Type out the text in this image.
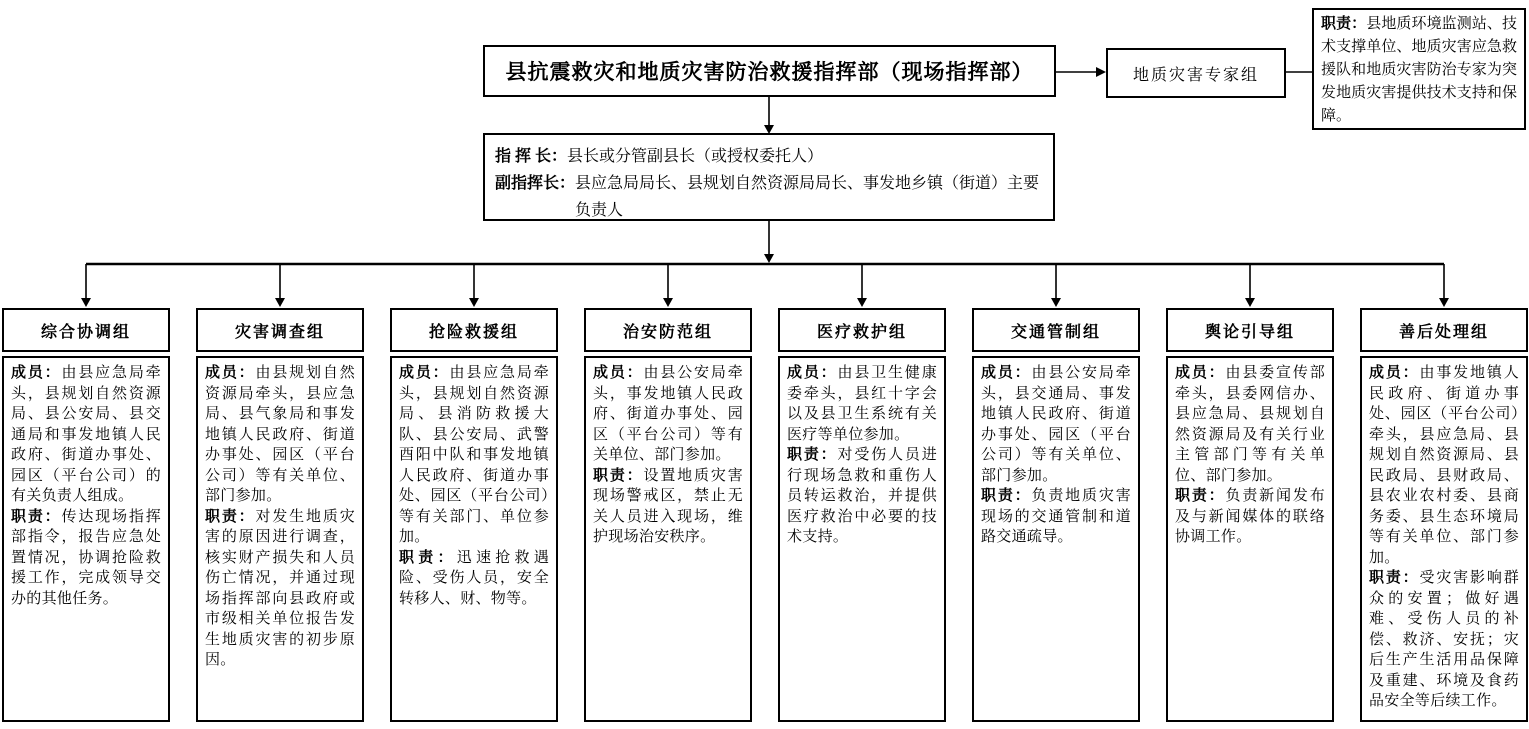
县抗震救灾和地质灾害防治救援指挥部（现场指挥部）	地质灾害专家组
职责：县地质环境监测站、技术支撑单位、地质灾害应急救援队和地质灾害防治专家为突发地质灾害提供技术支持和保障。
指 挥 长： 县长或分管副县长（或授权委托人）
副指挥长： 县应急局局长、县规划自然资源局局长、事发地乡镇（街道）主要负责人
综合协调组

成员：由县应急局牵头，县规划自然资源局、县公安局、县交通局和事发地镇人民政府、街道办事处、园区（平台公司）的有关负责人组成。

职责：传达现场指挥部指令，报告应急处置情况，协调抢险救援工作，完成领导交办的其他任务。

灾害调查组

成员：由县规划自然资源局牵头，县应急局、县气象局和事发地镇人民政府、街道办事处、园区（平台公司）等有关单位、部门参加。

职责：对发生地质灾害的原因进行调查，核实财产损失和人员伤亡情况，并通过现场指挥部向县政府或市级相关单位报告发生地质灾害的初步原因。

抢险救援组

成员：由县应急局牵头，县规划自然资源局、县消防救援大队、县公安局、武警酉阳中队和事发地镇人民政府、街道办事处、园区（平台公司）等有关部门、单位参加。

职责：迅速抢救遇险、受伤人员，安全转移人、财、物等。

治安防范组

成员：由县公安局牵头，事发地镇人民政府、街道办事处、园区（平台公司）等有关单位、部门参加。

职责：设置地质灾害现场警戒区，禁止无关人员进入现场，维护现场治安秩序。

医疗救护组

成员：由县卫生健康委牵头，县红十字会以及县卫生系统有关医疗等单位参加。

职责：对受伤人员进行现场急救和重伤人员转运救治，并提供医疗救治中必要的技术支持。

交通管制组

成员：由县公安局牵头，县交通局、事发地镇人民政府、街道办事处、园区（平台公司）等有关单位、部门参加。

职责：负责地质灾害现场的交通管制和道路交通疏导。

舆论引导组

成员：由县委宣传部牵头，县委网信办、县应急局、县规划自然资源局及有关行业主管部门等有关单位、部门参加。

职责：负责新闻发布及与新闻媒体的联络协调工作。

善后处理组

成员：由事发地镇人民政府、街道办事处、园区（平台公司）牵头，县应急局、县规划自然资源局、县民政局、县财政局、县农业农村委、县商务委、县生态环境局等有关单位、部门参加。

职责：受灾害影响群众的安置；做好遇难、受伤人员的补偿、救济、安抚；灾后生产生活用品保障及重建、环境及食药品安全等后续工作。
